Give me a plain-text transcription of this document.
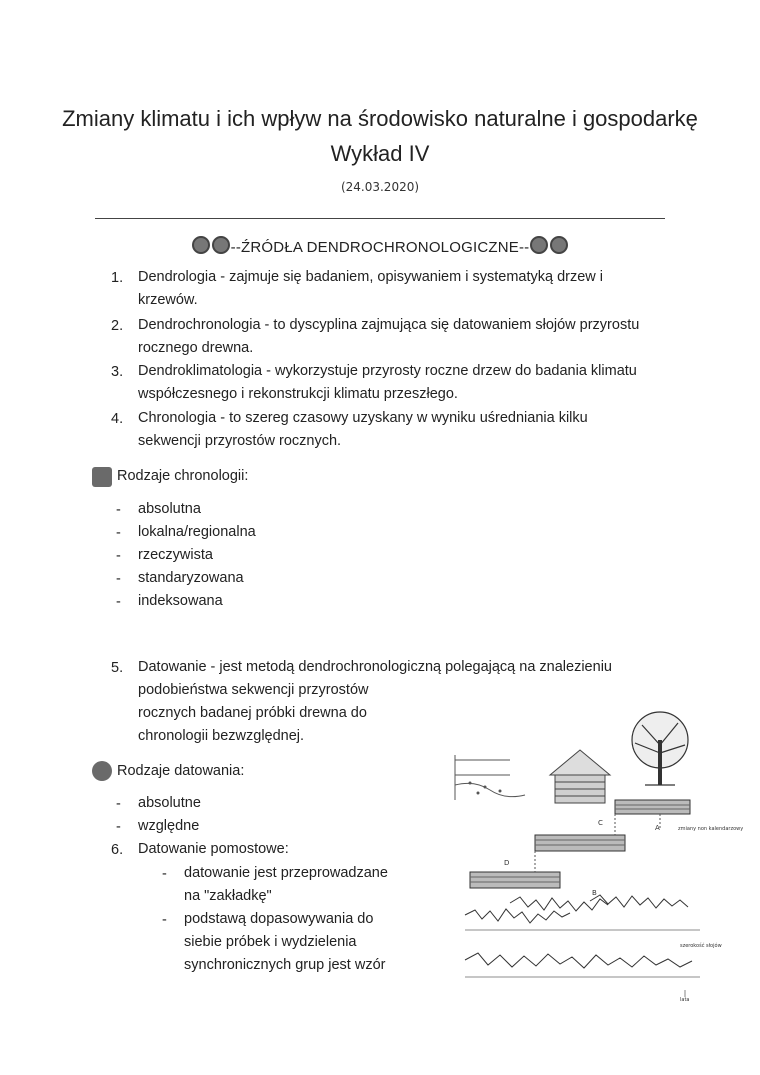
Zmiany klimatu i ich wpływ na środowisko naturalne i gospodarkę
Wykład IV
(24.03.2020)
--ŹRÓDŁA DENDROCHRONOLOGICZNE--
1. Dendrologia - zajmuje się badaniem, opisywaniem i systematyką drzew i
krzewów.
2. Dendrochronologia - to dyscyplina zajmująca się datowaniem słojów przyrostu
rocznego drewna.
3. Dendroklimatologia - wykorzystuje przyrosty roczne drzew do badania klimatu
współczesnego i rekonstrukcji klimatu przeszłego.
4. Chronologia - to szereg czasowy uzyskany w wyniku uśredniania kilku
sekwencji przyrostów rocznych.
Rodzaje chronologii:
- absolutna
- lokalna/regionalna
- rzeczywista
- standaryzowana
- indeksowana
5. Datowanie - jest metodą dendrochronologiczną polegającą na znalezieniu
podobieństwa sekwencji przyrostów
rocznych badanej próbki drewna do
chronologii bezwzględnej.
Rodzaje datowania:
- absolutne
- względne
6. Datowanie pomostowe:
- datowanie jest przeprowadzane
na "zakładkę"
- podstawą dopasowywania do
siebie próbek i wydzielenia
synchronicznych grup jest wzór
D
C
A
B
zmiany non kalendarzowy
szerokość słojów
lata
